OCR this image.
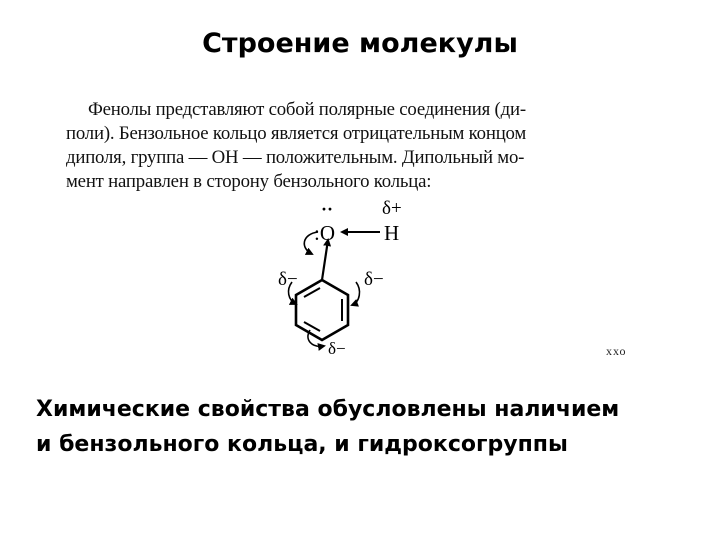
Строение молекулы
Фенолы представляют собой полярные соединения (ди-
поли). Бензольное кольцо является отрицательным концом
диполя, группа — ОН — положительным. Дипольный мо-
мент направлен в сторону бензольного кольца:
··	δ+
:O H
δ−	δ−
δ−	ххо
Химические свойства обусловлены наличием
и бензольного кольца, и гидроксогруппы
